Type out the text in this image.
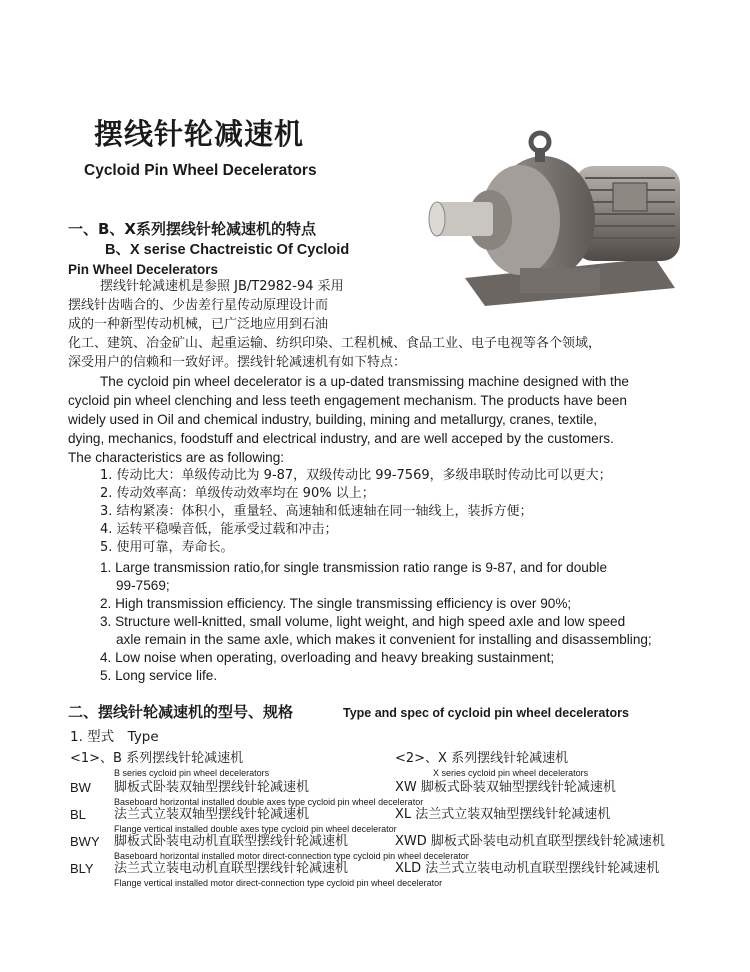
摆线针轮减速机
Cycloid Pin Wheel Decelerators
一、B、X系列摆线针轮减速机的特点
B、X serise Chactreistic Of Cycloid
Pin Wheel Decelerators
摆线针轮减速机是参照 JB/T2982-94 采用
摆线针齿啮合的、少齿差行星传动原理设计而
成的一种新型传动机械，已广泛地应用到石油
化工、建筑、冶金矿山、起重运输、纺织印染、工程机械、食品工业、电子电视等各个领域，
深受用户的信赖和一致好评。摆线针轮减速机有如下特点：
The cycloid pin wheel decelerator is a up-dated transmissing machine designed with the
cycloid pin wheel clenching and less teeth engagement mechanism. The products have been
widely used in Oil and chemical industry, building, mining and metallurgy, cranes, textile,
dying, mechanics, foodstuff and electrical industry, and are well acceped by the customers.
The characteristics are as following:
1. 传动比大：单级传动比为 9-87，双级传动比 99-7569，多级串联时传动比可以更大；
2. 传动效率高：单级传动效率均在 90% 以上；
3. 结构紧凑：体积小，重量轻、高速轴和低速轴在同一轴线上，装拆方便；
4. 运转平稳噪音低，能承受过载和冲击；
5. 使用可靠，寿命长。
1. Large transmission ratio,for single transmission ratio range is 9-87, and for double
99-7569;
2. High transmission efficiency. The single transmissing efficiency is over 90%;
3. Structure well-knitted, small volume, light weight, and high speed axle and low speed
axle remain in the same axle, which makes it convenient for installing and disassembling;
4. Low noise when operating, overloading and heavy breaking sustainment;
5. Long service life.
二、摆线针轮减速机的型号、规格	Type and spec of cycloid pin wheel decelerators
1. 型式　Type
<1>、B 系列摆线针轮减速机
B series cycloid pin wheel decelerators
<2>、X 系列摆线针轮减速机
X series cycloid pin wheel decelerators
BW 脚板式卧装双轴型摆线针轮减速机	XW 脚板式卧装双轴型摆线针轮减速机
Baseboard horizontal installed double axes type cycloid pin wheel decelerator
BL 法兰式立装双轴型摆线针轮减速机	XL 法兰式立装双轴型摆线针轮减速机
Flange vertical installed double axes type cycloid pin wheel decelerator
BWY 脚板式卧装电动机直联型摆线针轮减速机	XWD 脚板式卧装电动机直联型摆线针轮减速机
Baseboard horizontal installed motor direct-connection type cycloid pin wheel decelerator
BLY 法兰式立装电动机直联型摆线针轮减速机	XLD 法兰式立装电动机直联型摆线针轮减速机
Flange vertical installed motor direct-connection type cycloid pin wheel decelerator
